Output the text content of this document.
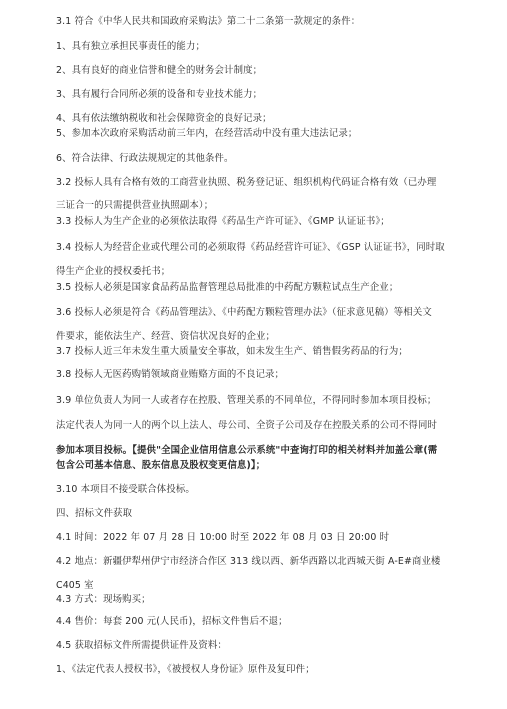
3.1 符合《中华人民共和国政府采购法》第二十二条第一款规定的条件：
1、具有独立承担民事责任的能力；
2、具有良好的商业信誉和健全的财务会计制度；
3、具有履行合同所必须的设备和专业技术能力；
4、具有依法缴纳税收和社会保障资金的良好记录；
5、参加本次政府采购活动前三年内，在经营活动中没有重大违法记录；
6、符合法律、行政法规规定的其他条件。
3.2 投标人具有合格有效的工商营业执照、税务登记证、组织机构代码证合格有效（已办理
三证合一的只需提供营业执照副本）；
3.3 投标人为生产企业的必须依法取得《药品生产许可证》、《GMP 认证证书》；
3.4 投标人为经营企业或代理公司的必须取得《药品经营许可证》、《GSP 认证证书》，同时取
得生产企业的授权委托书；
3.5 投标人必须是国家食品药品监督管理总局批准的中药配方颗粒试点生产企业；
3.6 投标人必须是符合《药品管理法》、《中药配方颗粒管理办法》（征求意见稿）等相关文
件要求，能依法生产、经营、资信状况良好的企业；
3.7 投标人近三年未发生重大质量安全事故，如未发生生产、销售假劣药品的行为；
3.8 投标人无医药购销领域商业贿赂方面的不良记录；
3.9 单位负责人为同一人或者存在控股、管理关系的不同单位，不得同时参加本项目投标；
法定代表人为同一人的两个以上法人、母公司、全资子公司及存在控股关系的公司不得同时
参加本项目投标。【提供"全国企业信用信息公示系统"中查询打印的相关材料并加盖公章(需
包含公司基本信息、股东信息及股权变更信息)】；
3.10 本项目不接受联合体投标。
四、招标文件获取
4.1 时间：2022 年 07 月 28 日 10:00 时至 2022 年 08 月 03 日 20:00 时
4.2 地点：新疆伊犁州伊宁市经济合作区 313 线以西、新华西路以北西城天街 A-E#商业楼
C405 室
4.3 方式：现场购买；
4.4 售价：每套 200 元(人民币)，招标文件售后不退；
4.5 获取招标文件所需提供证件及资料：
1、《法定代表人授权书》，《被授权人身份证》原件及复印件；
